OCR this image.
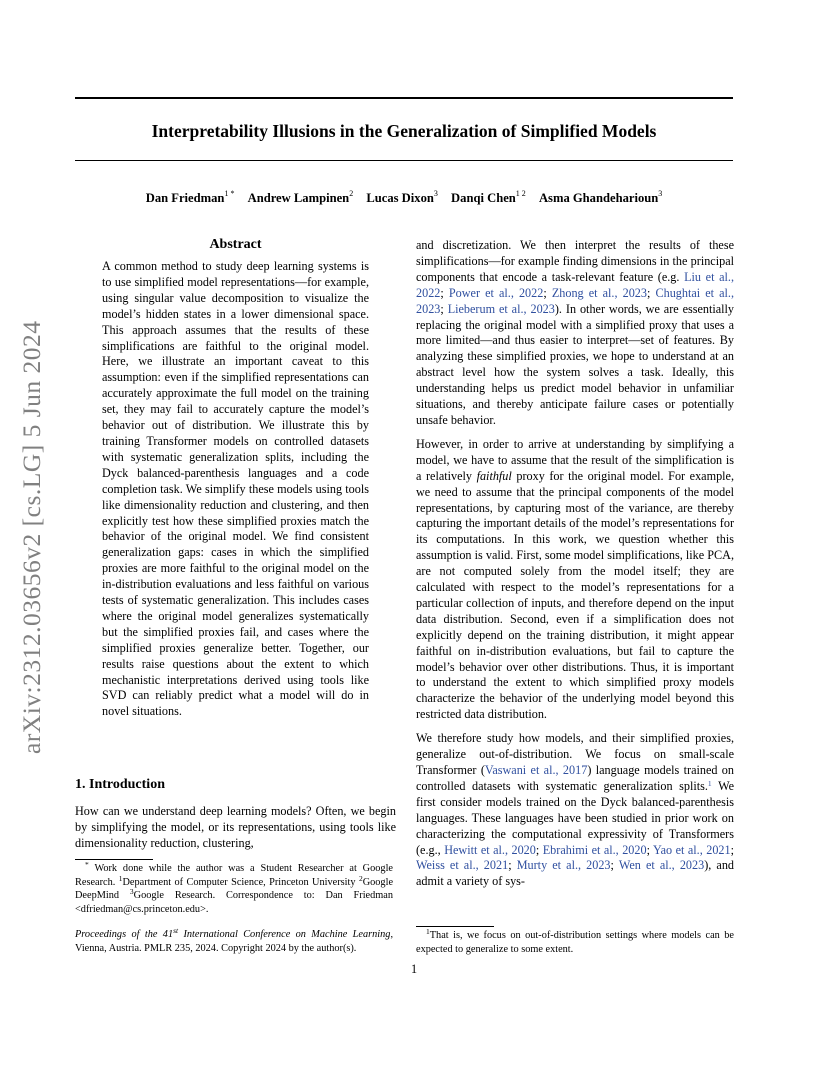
Interpretability Illusions in the Generalization of Simplified Models
Dan Friedman$^{1 *}$ Andrew Lampinen$^2$ Lucas Dixon$^3$ Danqi Chen$^{1 2}$ Asma Ghandeharioun$^3$
arXiv:2312.03656v2 [cs.LG] 5 Jun 2024
Abstract

A common method to study deep learning systems is to use simplified model representations—for example, using singular value decomposition to visualize the model’s hidden states in a lower dimensional space. This approach assumes that the results of these simplifications are faithful to the original model. Here, we illustrate an important caveat to this assumption: even if the simplified representations can accurately approximate the full model on the training set, they may fail to accurately capture the model’s behavior out of distribution. We illustrate this by training Transformer models on controlled datasets with systematic generalization splits, including the Dyck balanced-parenthesis languages and a code completion task. We simplify these models using tools like dimensionality reduction and clustering, and then explicitly test how these simplified proxies match the behavior of the original model. We find consistent generalization gaps: cases in which the simplified proxies are more faithful to the original model on the in-distribution evaluations and less faithful on various tests of systematic generalization. This includes cases where the original model generalizes systematically but the simplified proxies fail, and cases where the simplified proxies generalize better. Together, our results raise questions about the extent to which mechanistic interpretations derived using tools like SVD can reliably predict what a model will do in novel situations.

1. Introduction

How can we understand deep learning models? Often, we begin by simplifying the model, or its representations, using tools like dimensionality reduction, clustering,

* Work done while the author was a Student Researcher at Google Research. $^1$Department of Computer Science, Princeton University $^2$Google DeepMind $^3$Google Research. Correspondence to: Dan Friedman <dfriedman@cs.princeton.edu>.

Proceedings of the 41st International Conference on Machine Learning, Vienna, Austria. PMLR 235, 2024. Copyright 2024 by the author(s).

and discretization. We then interpret the results of these simplifications—for example finding dimensions in the principal components that encode a task-relevant feature (e.g. Liu et al., 2022; Power et al., 2022; Zhong et al., 2023; Chughtai et al., 2023; Lieberum et al., 2023). In other words, we are essentially replacing the original model with a simplified proxy that uses a more limited—and thus easier to interpret—set of features. By analyzing these simplified proxies, we hope to understand at an abstract level how the system solves a task. Ideally, this understanding helps us predict model behavior in unfamiliar situations, and thereby anticipate failure cases or potentially unsafe behavior.

However, in order to arrive at understanding by simplifying a model, we have to assume that the result of the simplification is a relatively faithful proxy for the original model. For example, we need to assume that the principal components of the model representations, by capturing most of the variance, are thereby capturing the important details of the model’s representations for its computations. In this work, we question whether this assumption is valid. First, some model simplifications, like PCA, are not computed solely from the model itself; they are calculated with respect to the model’s representations for a particular collection of inputs, and therefore depend on the input data distribution. Second, even if a simplification does not explicitly depend on the training distribution, it might appear faithful on in-distribution evaluations, but fail to capture the model’s behavior over other distributions. Thus, it is important to understand the extent to which simplified proxy models characterize the behavior of the underlying model beyond this restricted data distribution.

We therefore study how models, and their simplified proxies, generalize out-of-distribution. We focus on small-scale Transformer (Vaswani et al., 2017) language models trained on controlled datasets with systematic generalization splits.$^1$ We first consider models trained on the Dyck balanced-parenthesis languages. These languages have been studied in prior work on characterizing the computational expressivity of Transformers (e.g., Hewitt et al., 2020; Ebrahimi et al., 2020; Yao et al., 2021; Weiss et al., 2021; Murty et al., 2023; Wen et al., 2023), and admit a variety of sys-

$^1$That is, we focus on out-of-distribution settings where models can be expected to generalize to some extent.

1
